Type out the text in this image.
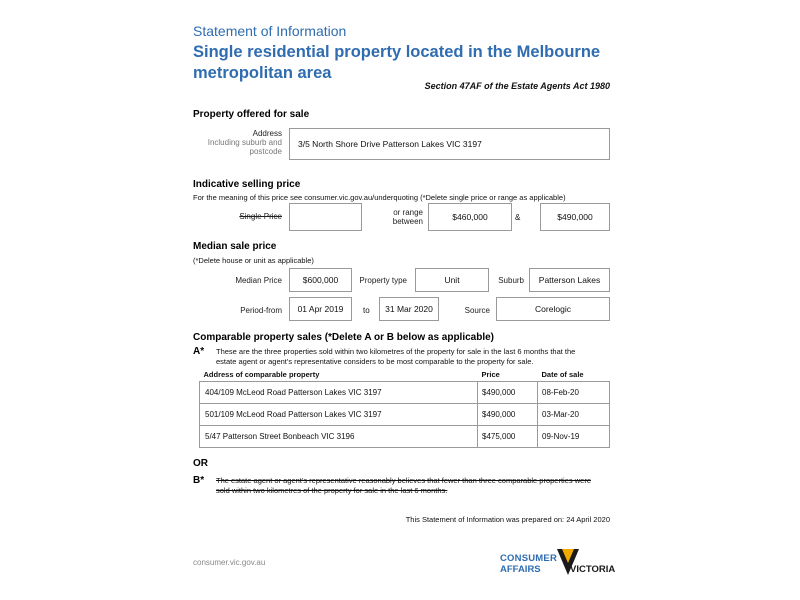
Statement of Information
Single residential property located in the Melbourne
metropolitan area
Section 47AF of the Estate Agents Act 1980
Property offered for sale
Address
Including suburb and
postcode
3/5 North Shore Drive Patterson Lakes VIC 3197
Indicative selling price
For the meaning of this price see consumer.vic.gov.au/underquoting (*Delete single price or range as applicable)
Single Price	or range
between	$460,000	&	$490,000
Median sale price
(*Delete house or unit as applicable)
Median Price	$600,000	Property type	Unit	Suburb	Patterson Lakes
Period-from	01 Apr 2019	to	31 Mar 2020	Source	Corelogic
Comparable property sales (*Delete A or B below as applicable)
A* These are the three properties sold within two kilometres of the property for sale in the last 6 months that the
estate agent or agent's representative considers to be most comparable to the property for sale.
Address of comparable property	Price	Date of sale
404/109 McLeod Road Patterson Lakes VIC 3197	$490,000	08-Feb-20
501/109 McLeod Road Patterson Lakes VIC 3197	$490,000	03-Mar-20
5/47 Patterson Street Bonbeach VIC 3196	$475,000	09-Nov-19
OR
B* The estate agent or agent's representative reasonably believes that fewer than three comparable properties were
sold within two kilometres of the property for sale in the last 6 months.
This Statement of Information was prepared on: 24 April 2020
consumer.vic.gov.au	CONSUMER
AFFAIRS	VICTORIA
